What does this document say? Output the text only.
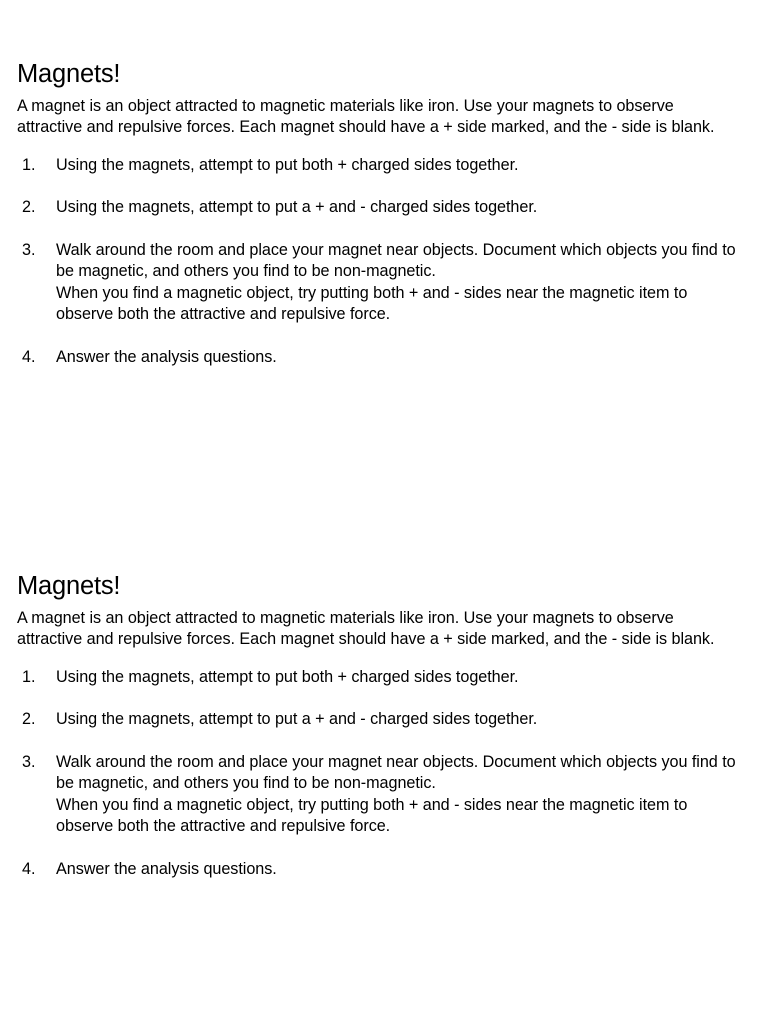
Magnets!

A magnet is an object attracted to magnetic materials like iron. Use your magnets to observe attractive and repulsive forces. Each magnet should have a + side marked, and the - side is blank.

1. Using the magnets, attempt to put both + charged sides together.
2. Using the magnets, attempt to put a + and - charged sides together.
3. Walk around the room and place your magnet near objects. Document which objects you find to be magnetic, and others you find to be non-magnetic.
When you find a magnetic object, try putting both + and - sides near the magnetic item to observe both the attractive and repulsive force.
4. Answer the analysis questions.
Magnets!

A magnet is an object attracted to magnetic materials like iron. Use your magnets to observe attractive and repulsive forces. Each magnet should have a + side marked, and the - side is blank.

1. Using the magnets, attempt to put both + charged sides together.
2. Using the magnets, attempt to put a + and - charged sides together.
3. Walk around the room and place your magnet near objects. Document which objects you find to be magnetic, and others you find to be non-magnetic.
When you find a magnetic object, try putting both + and - sides near the magnetic item to observe both the attractive and repulsive force.
4. Answer the analysis questions.
